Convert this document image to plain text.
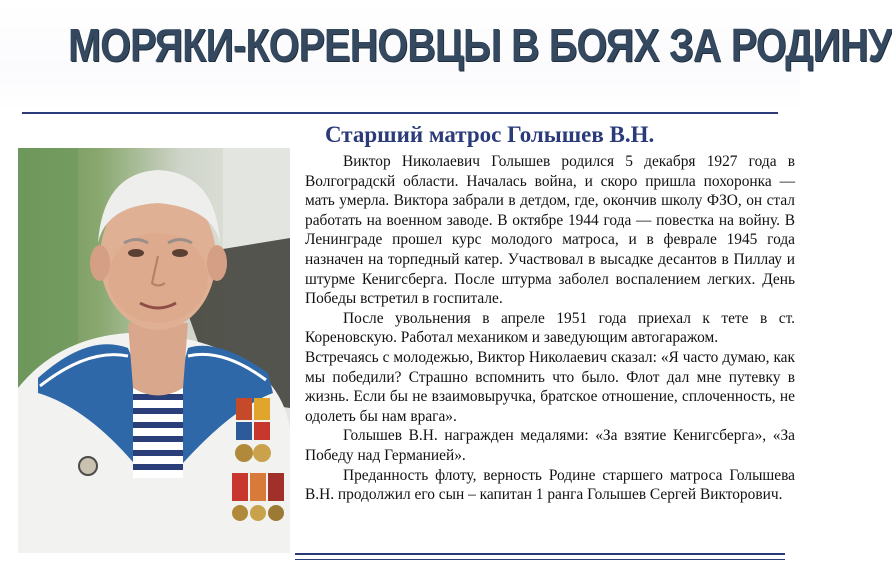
МОРЯКИ-КОРЕНОВЦЫ В БОЯХ ЗА РОДИНУ
Старший матрос Голышев В.Н.

Виктор Николаевич Голышев родился 5 декабря 1927 года в Волгоградскй области. Началась война, и скоро пришла похоронка — мать умерла. Виктора забрали в детдом, где, окончив школу ФЗО, он стал работать на военном заводе. В октябре 1944 года — повестка на войну. В Ленинграде прошел курс молодого матроса, и в феврале 1945 года назначен на торпедный катер. Участвовал в высадке десантов в Пиллау и штурме Кенигсберга. После штурма заболел воспалением легких. День Победы встретил в госпитале.

После увольнения в апреле 1951 года приехал к тете в ст. Кореновскую. Работал механиком и заведующим автогаражом.

Встречаясь с молодежью, Виктор Николаевич сказал: «Я часто думаю, как мы победили? Страшно вспомнить что было. Флот дал мне путевку в жизнь. Если бы не взаимовыручка, братское отношение, сплоченность, не одолеть бы нам врага».

Голышев В.Н. награжден медалями: «За взятие Кенигсберга», «За Победу над Германией».

Преданность флоту, верность Родине старшего матроса Голышева В.Н. продолжил его сын – капитан 1 ранга Голышев Сергей Викторович.
